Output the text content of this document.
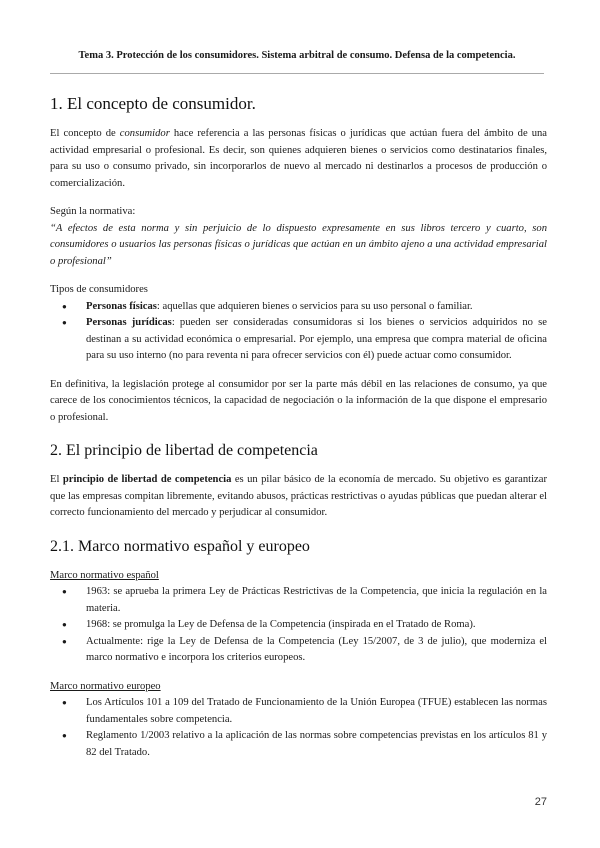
Tema 3. Protección de los consumidores. Sistema arbitral de consumo. Defensa de la competencia.
1. El concepto de consumidor.

El concepto de consumidor hace referencia a las personas físicas o jurídicas que actúan fuera del ámbito de una actividad empresarial o profesional. Es decir, son quienes adquieren bienes o servicios como destinatarios finales, para su uso o consumo privado, sin incorporarlos de nuevo al mercado ni destinarlos a procesos de producción o comercialización.

Según la normativa:

“A efectos de esta norma y sin perjuicio de lo dispuesto expresamente en sus libros tercero y cuarto, son consumidores o usuarios las personas físicas o jurídicas que actúan en un ámbito ajeno a una actividad empresarial o profesional”

Tipos de consumidores

● Personas físicas: aquellas que adquieren bienes o servicios para su uso personal o familiar.
● Personas jurídicas: pueden ser consideradas consumidoras si los bienes o servicios adquiridos no se destinan a su actividad económica o empresarial. Por ejemplo, una empresa que compra material de oficina para su uso interno (no para reventa ni para ofrecer servicios con él) puede actuar como consumidor.

En definitiva, la legislación protege al consumidor por ser la parte más débil en las relaciones de consumo, ya que carece de los conocimientos técnicos, la capacidad de negociación o la información de la que dispone el empresario o profesional.

2. El principio de libertad de competencia

El principio de libertad de competencia es un pilar básico de la economía de mercado. Su objetivo es garantizar que las empresas compitan libremente, evitando abusos, prácticas restrictivas o ayudas públicas que puedan alterar el correcto funcionamiento del mercado y perjudicar al consumidor.

2.1. Marco normativo español y europeo

Marco normativo español

● 1963: se aprueba la primera Ley de Prácticas Restrictivas de la Competencia, que inicia la regulación en la materia.
● 1968: se promulga la Ley de Defensa de la Competencia (inspirada en el Tratado de Roma).
● Actualmente: rige la Ley de Defensa de la Competencia (Ley 15/2007, de 3 de julio), que moderniza el marco normativo e incorpora los criterios europeos.

Marco normativo europeo

● Los Artículos 101 a 109 del Tratado de Funcionamiento de la Unión Europea (TFUE) establecen las normas fundamentales sobre competencia.
● Reglamento 1/2003 relativo a la aplicación de las normas sobre competencias previstas en los artículos 81 y 82 del Tratado.
27
